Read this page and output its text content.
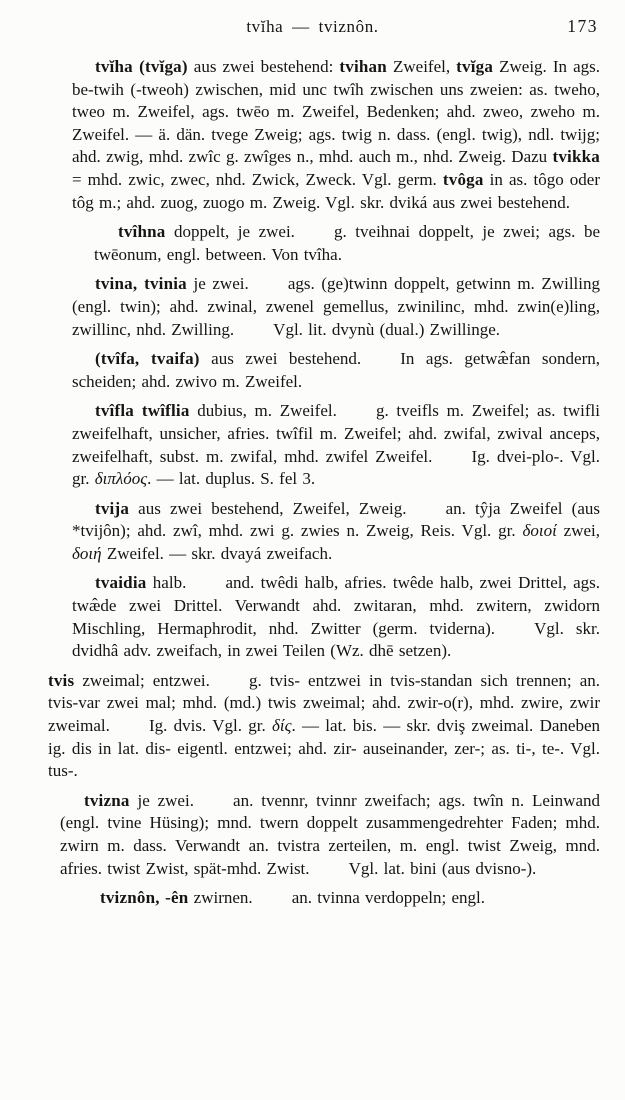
tvĭha — tviznôn.	173

tvĭha (tvĭga) aus zwei bestehend: tvihan Zweifel, tvĭga Zweig. In ags. be-twih (-tweoh) zwischen, mid unc twîh zwischen uns zweien: as. tweho, tweo m. Zweifel, ags. twēo m. Zweifel, Bedenken; ahd. zweo, zweho m. Zweifel. — ä. dän. tvege Zweig; ags. twig n. dass. (engl. twig), ndl. twijg; ahd. zwig, mhd. zwîc g. zwîges n., mhd. auch m., nhd. Zweig. Dazu tvikka = mhd. zwic, zwec, nhd. Zwick, Zweck. Vgl. germ. tvôga in as. tôgo oder tôg m.; ahd. zuog, zuogo m. Zweig. Vgl. skr. dviká aus zwei bestehend.

tvîhna doppelt, je zwei. g. tveihnai doppelt, je zwei; ags. be twēonum, engl. between. Von tvîha.

tvina, tvinia je zwei. ags. (ge)twinn doppelt, getwinn m. Zwilling (engl. twin); ahd. zwinal, zwenel gemellus, zwinilinc, mhd. zwin(e)ling, zwillinc, nhd. Zwilling. Vgl. lit. dvynù (dual.) Zwillinge.

(tvîfa, tvaifa) aus zwei bestehend. In ags. getwæ̂fan sondern, scheiden; ahd. zwivo m. Zweifel.

tvîfla twîflia dubius, m. Zweifel. g. tveifls m. Zweifel; as. twifli zweifelhaft, unsicher, afries. twîfil m. Zweifel; ahd. zwifal, zwival anceps, zweifelhaft, subst. m. zwifal, mhd. zwifel Zweifel. Ig. dvei-plo-. Vgl. gr. διπλόος. — lat. duplus. S. fel 3.

tvija aus zwei bestehend, Zweifel, Zweig. an. tŷja Zweifel (aus *tvijôn); ahd. zwî, mhd. zwi g. zwies n. Zweig, Reis. Vgl. gr. δοιοί zwei, δοιή Zweifel. — skr. dvayá zweifach.

tvaidia halb. and. twêdi halb, afries. twêde halb, zwei Drittel, ags. twæ̂de zwei Drittel. Verwandt ahd. zwitaran, mhd. zwitern, zwidorn Mischling, Hermaphrodit, nhd. Zwitter (germ. tviderna). Vgl. skr. dvidhâ adv. zweifach, in zwei Teilen (Wz. dhē setzen).

tvis zweimal; entzwei. g. tvis- entzwei in tvis-standan sich trennen; an. tvis-var zwei mal; mhd. (md.) twis zweimal; ahd. zwir-o(r), mhd. zwire, zwir zweimal. Ig. dvis. Vgl. gr. δίς. — lat. bis. — skr. dviş zweimal. Daneben ig. dis in lat. dis- eigentl. entzwei; ahd. zir- auseinander, zer-; as. ti-, te-. Vgl. tus-.

tvizna je zwei. an. tvennr, tvinnr zweifach; ags. twîn n. Leinwand (engl. tvine Hüsing); mnd. twern doppelt zusammengedrehter Faden; mhd. zwirn m. dass. Verwandt an. tvistra zerteilen, m. engl. twist Zweig, mnd. afries. twist Zwist, spät-mhd. Zwist. Vgl. lat. bini (aus dvisno-).

tviznôn, -ên zwirnen. an. tvinna verdoppeln; engl.
